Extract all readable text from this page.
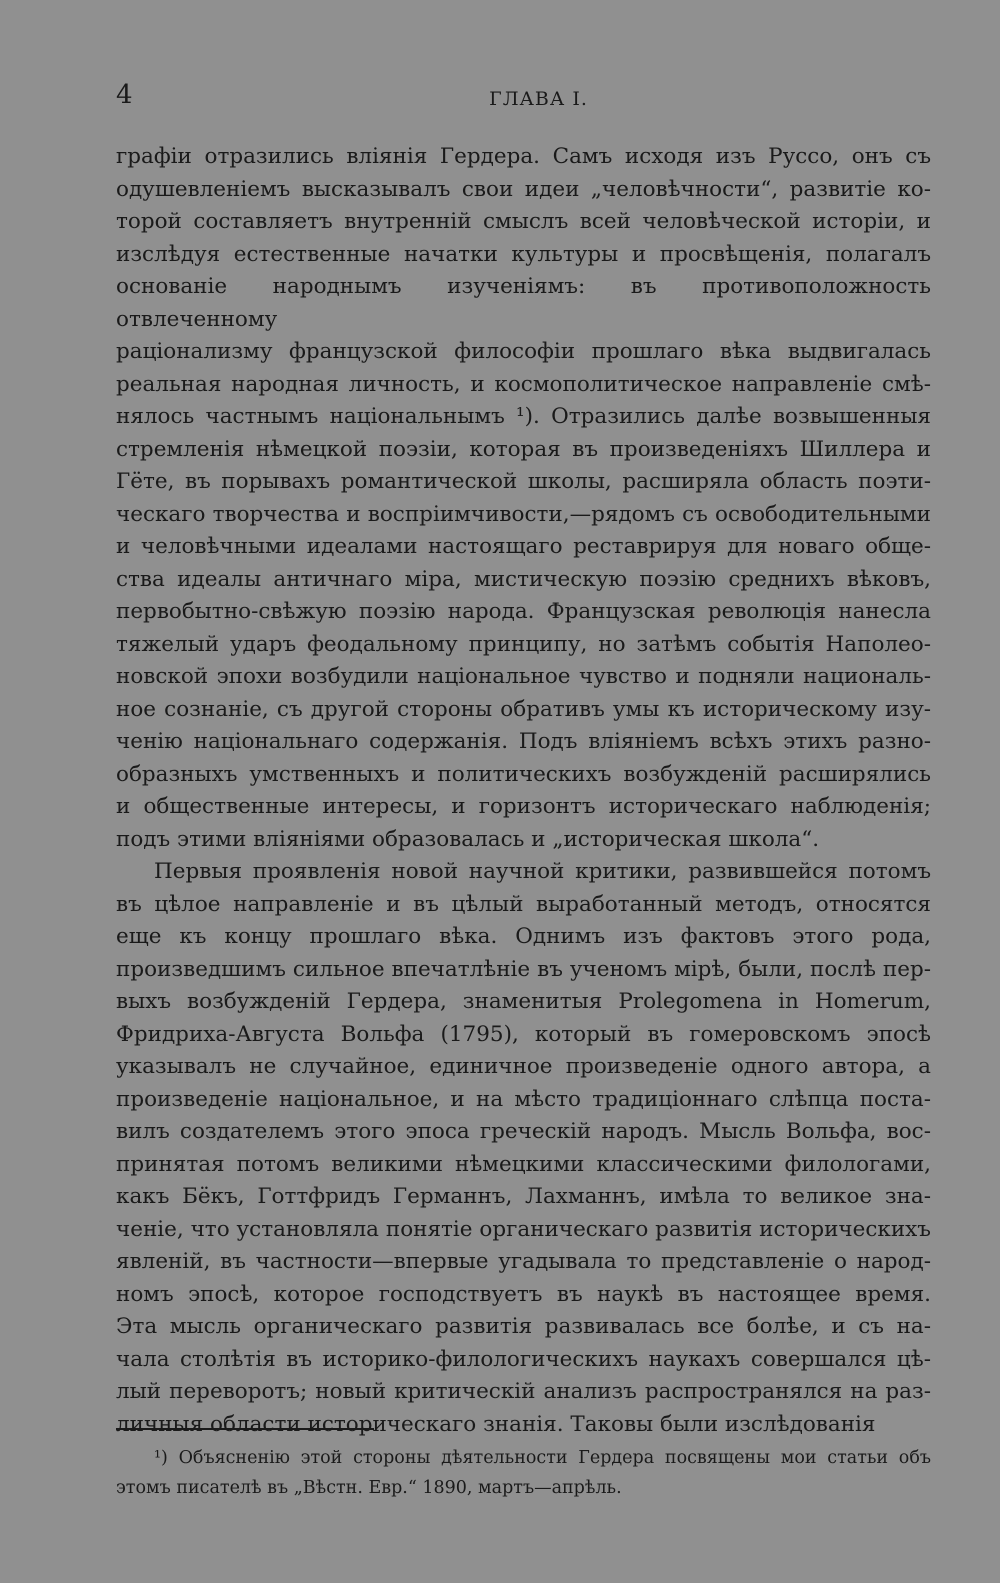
4	ГЛАВА I.

графіи отразились вліянія Гердера. Самъ исходя изъ Руссо, онъ съ
одушевленіемъ высказывалъ свои идеи „человѣчности“, развитіе ко-
торой составляетъ внутренній смыслъ всей человѣческой исторіи, и
изслѣдуя естественные начатки культуры и просвѣщенія, полагалъ
основаніе народнымъ изученіямъ: въ противоположность отвлеченному
раціонализму французской философіи прошлаго вѣка выдвигалась
реальная народная личность, и космополитическое направленіе смѣ-
нялось частнымъ національнымъ ¹). Отразились далѣе возвышенныя
стремленія нѣмецкой поэзіи, которая въ произведеніяхъ Шиллера и
Гёте, въ порывахъ романтической школы, расширяла область поэти-
ческаго творчества и воспріимчивости,—рядомъ съ освободительными
и человѣчными идеалами настоящаго реставрируя для новаго обще-
ства идеалы античнаго міра, мистическую поэзію среднихъ вѣковъ,
первобытно-свѣжую поэзію народа. Французская революція нанесла
тяжелый ударъ феодальному принципу, но затѣмъ событія Наполео-
новской эпохи возбудили національное чувство и подняли националь-
ное сознаніе, съ другой стороны обративъ умы къ историческому изу-
ченію національнаго содержанія. Подъ вліяніемъ всѣхъ этихъ разно-
образныхъ умственныхъ и политическихъ возбужденій расширялись
и общественные интересы, и горизонтъ историческаго наблюденія;
подъ этими вліяніями образовалась и „историческая школа“.

Первыя проявленія новой научной критики, развившейся потомъ
въ цѣлое направленіе и въ цѣлый выработанный методъ, относятся
еще къ концу прошлаго вѣка. Однимъ изъ фактовъ этого рода,
произведшимъ сильное впечатлѣніе въ ученомъ мірѣ, были, послѣ пер-
выхъ возбужденій Гердера, знаменитыя Prolegomena in Homerum,
Фридриха-Августа Вольфа (1795), который въ гомеровскомъ эпосѣ
указывалъ не случайное, единичное произведеніе одного автора, а
произведеніе національное, и на мѣсто традиціоннаго слѣпца поста-
вилъ создателемъ этого эпоса греческій народъ. Мысль Вольфа, вос-
принятая потомъ великими нѣмецкими классическими филологами,
какъ Бёкъ, Готтфридъ Германнъ, Лахманнъ, имѣла то великое зна-
ченіе, что установляла понятіе органическаго развитія историческихъ
явленій, въ частности—впервые угадывала то представленіе о народ-
номъ эпосѣ, которое господствуетъ въ наукѣ въ настоящее время.
Эта мысль органическаго развитія развивалась все болѣе, и съ на-
чала столѣтія въ историко-филологическихъ наукахъ совершался цѣ-
лый переворотъ; новый критическій анализъ распространялся на раз-
личныя области историческаго знанія. Таковы были изслѣдованія

¹) Объясненію этой стороны дѣятельности Гердера посвящены мои статьи объ
этомъ писателѣ въ „Вѣстн. Евр.“ 1890, мартъ—апрѣль.
